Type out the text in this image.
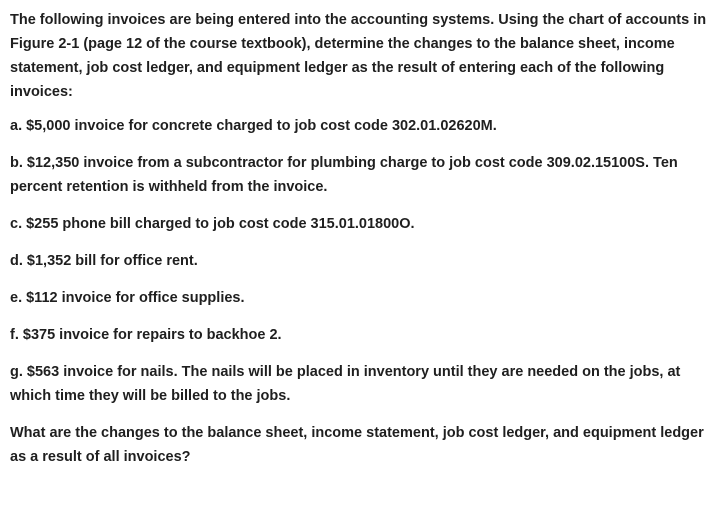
The following invoices are being entered into the accounting systems. Using the chart of accounts in Figure 2-1 (page 12 of the course textbook), determine the changes to the balance sheet, income statement, job cost ledger, and equipment ledger as the result of entering each of the following invoices:

a. $5,000 invoice for concrete charged to job cost code 302.01.02620M.

b. $12,350 invoice from a subcontractor for plumbing charge to job cost code 309.02.15100S. Ten percent retention is withheld from the invoice.

c. $255 phone bill charged to job cost code 315.01.01800O.

d. $1,352 bill for office rent.

e. $112 invoice for office supplies.

f. $375 invoice for repairs to backhoe 2.

g. $563 invoice for nails. The nails will be placed in inventory until they are needed on the jobs, at which time they will be billed to the jobs.

What are the changes to the balance sheet, income statement, job cost ledger, and equipment ledger as a result of all invoices?
